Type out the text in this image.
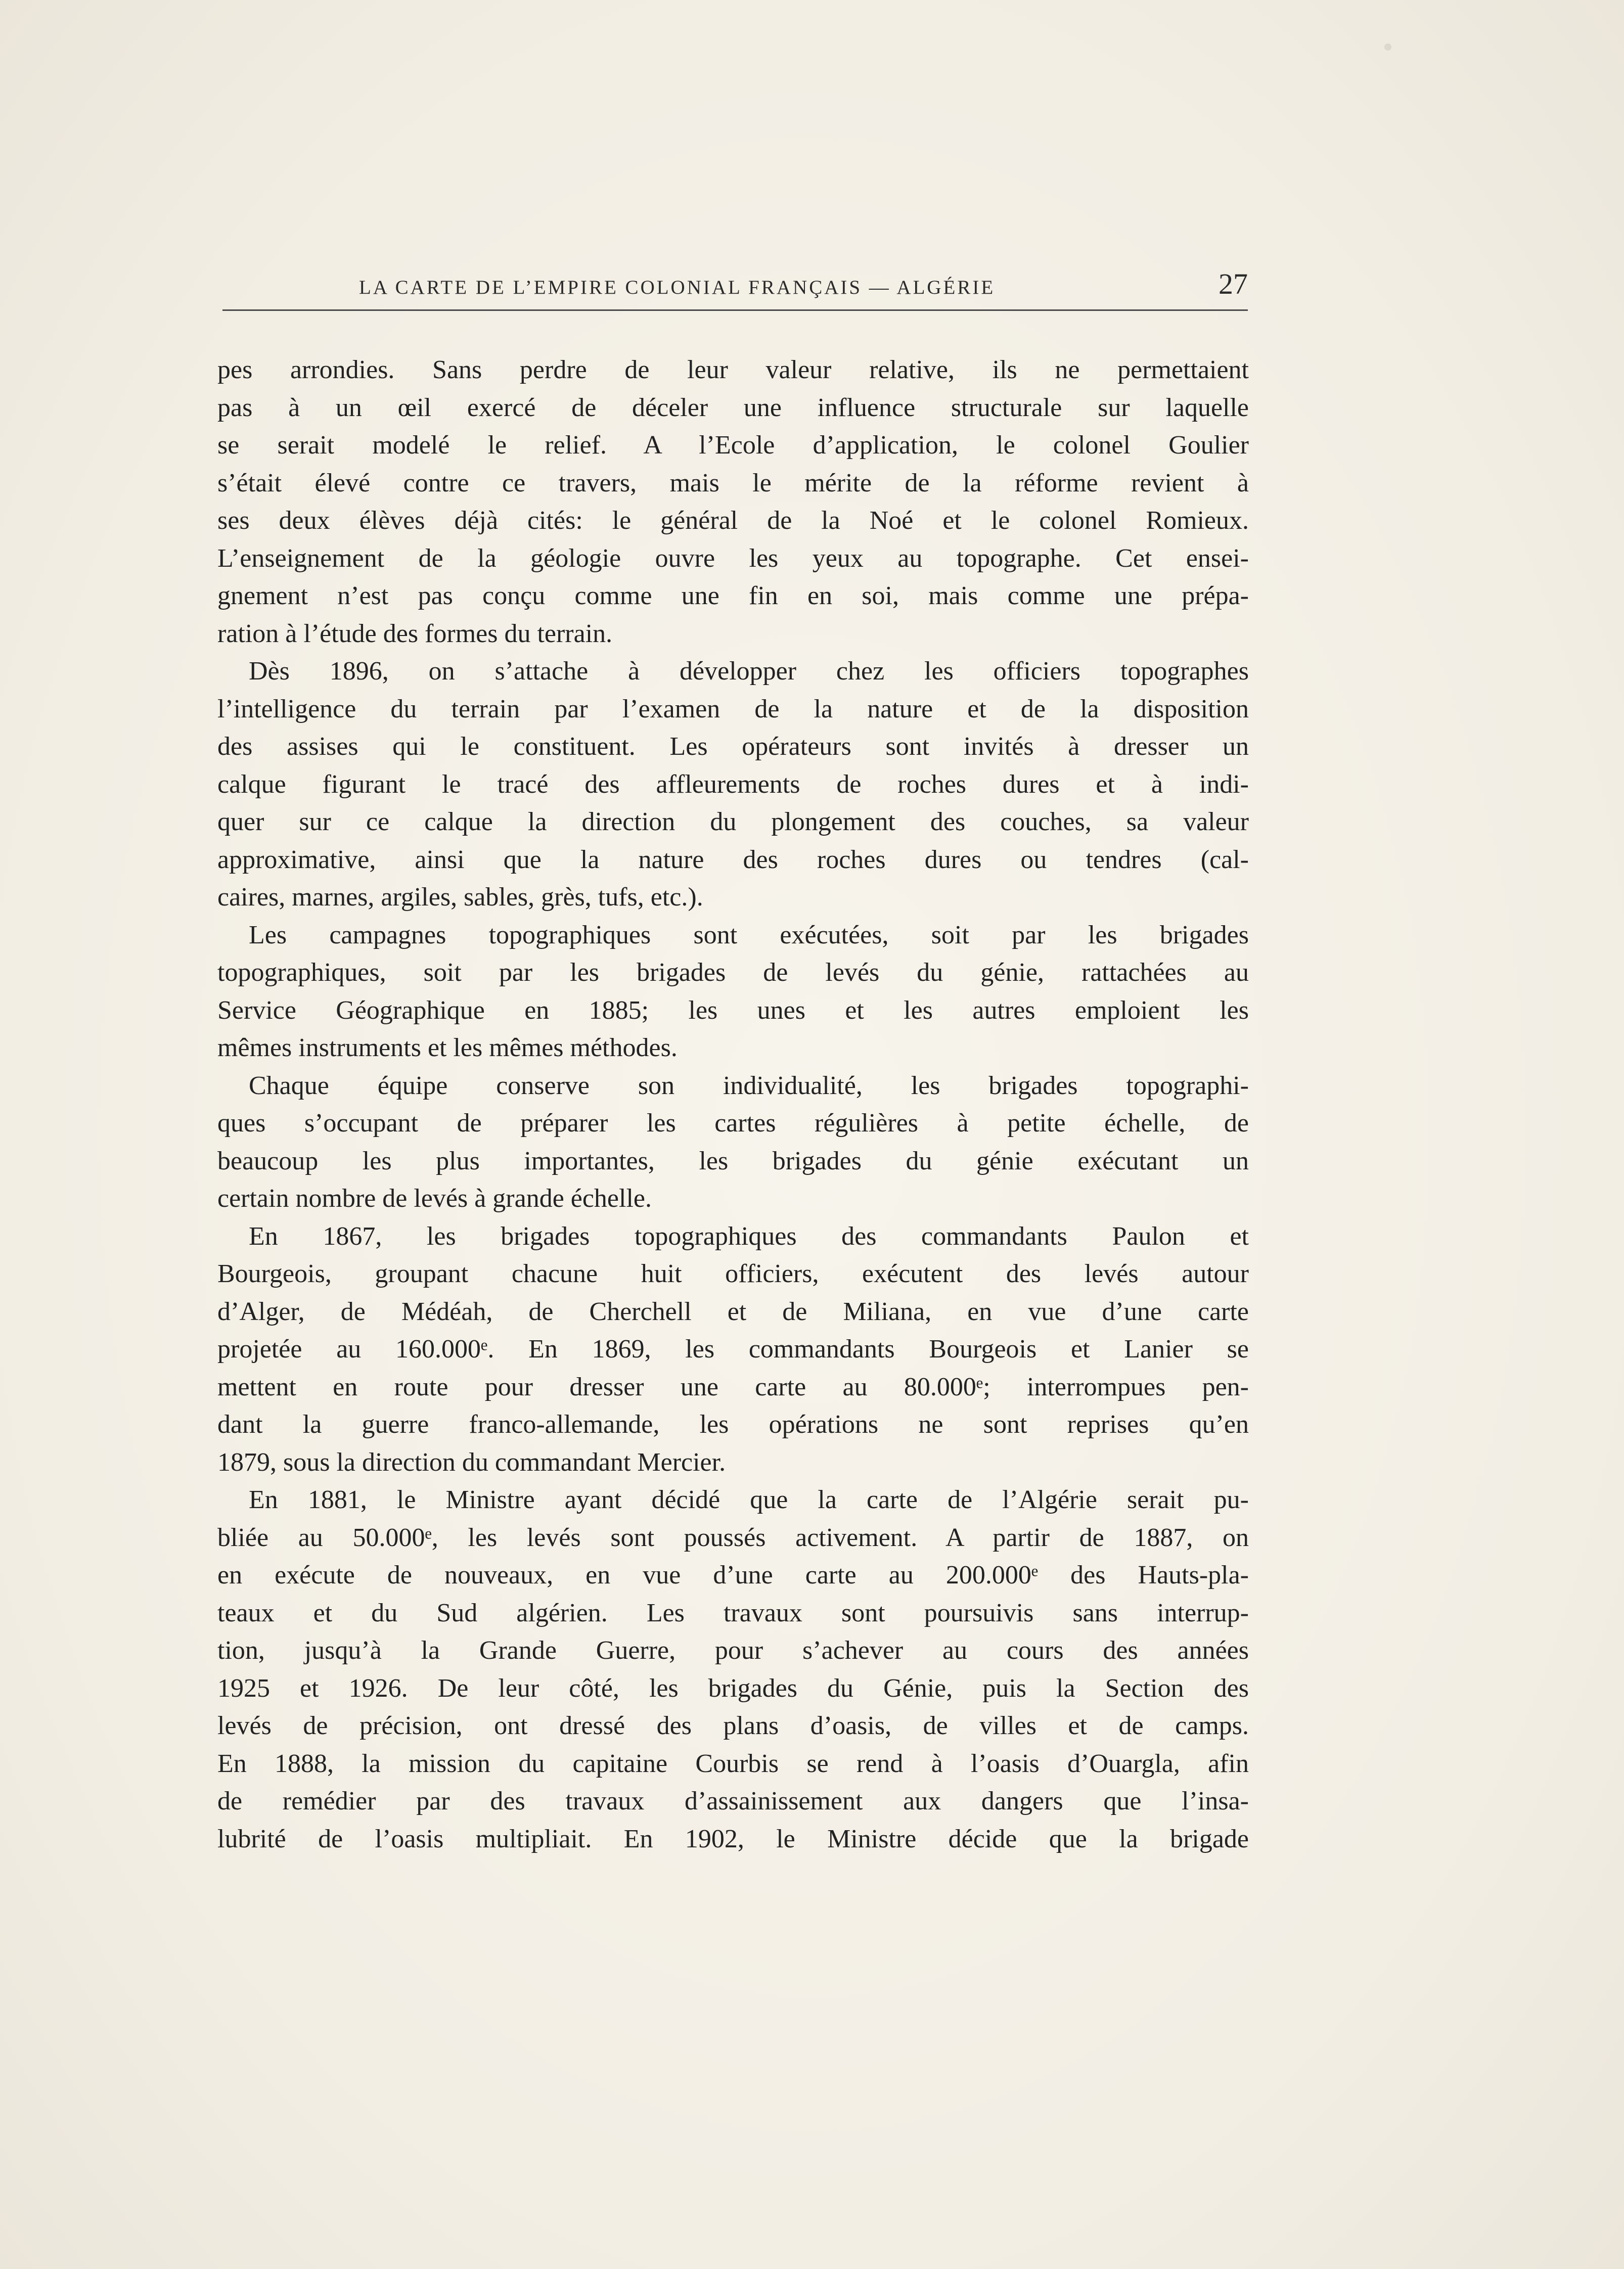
LA CARTE DE L’EMPIRE COLONIAL FRANÇAIS — ALGÉRIE	27
pes arrondies. Sans perdre de leur valeur relative, ils ne permettaient
pas à un œil exercé de déceler une influence structurale sur laquelle
se serait modelé le relief. A l’Ecole d’application, le colonel Goulier
s’était élevé contre ce travers, mais le mérite de la réforme revient à
ses deux élèves déjà cités: le général de la Noé et le colonel Romieux.
L’enseignement de la géologie ouvre les yeux au topographe. Cet ensei-
gnement n’est pas conçu comme une fin en soi, mais comme une prépa-
ration à l’étude des formes du terrain.
Dès 1896, on s’attache à développer chez les officiers topographes
l’intelligence du terrain par l’examen de la nature et de la disposition
des assises qui le constituent. Les opérateurs sont invités à dresser un
calque figurant le tracé des affleurements de roches dures et à indi-
quer sur ce calque la direction du plongement des couches, sa valeur
approximative, ainsi que la nature des roches dures ou tendres (cal-
caires, marnes, argiles, sables, grès, tufs, etc.).
Les campagnes topographiques sont exécutées, soit par les brigades
topographiques, soit par les brigades de levés du génie, rattachées au
Service Géographique en 1885; les unes et les autres emploient les
mêmes instruments et les mêmes méthodes.
Chaque équipe conserve son individualité, les brigades topographi-
ques s’occupant de préparer les cartes régulières à petite échelle, de
beaucoup les plus importantes, les brigades du génie exécutant un
certain nombre de levés à grande échelle.
En 1867, les brigades topographiques des commandants Paulon et
Bourgeois, groupant chacune huit officiers, exécutent des levés autour
d’Alger, de Médéah, de Cherchell et de Miliana, en vue d’une carte
projetée au 160.000ᵉ. En 1869, les commandants Bourgeois et Lanier se
mettent en route pour dresser une carte au 80.000ᵉ; interrompues pen-
dant la guerre franco-allemande, les opérations ne sont reprises qu’en
1879, sous la direction du commandant Mercier.
En 1881, le Ministre ayant décidé que la carte de l’Algérie serait pu-
bliée au 50.000ᵉ, les levés sont poussés activement. A partir de 1887, on
en exécute de nouveaux, en vue d’une carte au 200.000ᵉ des Hauts-pla-
teaux et du Sud algérien. Les travaux sont poursuivis sans interrup-
tion, jusqu’à la Grande Guerre, pour s’achever au cours des années
1925 et 1926. De leur côté, les brigades du Génie, puis la Section des
levés de précision, ont dressé des plans d’oasis, de villes et de camps.
En 1888, la mission du capitaine Courbis se rend à l’oasis d’Ouargla, afin
de remédier par des travaux d’assainissement aux dangers que l’insa-
lubrité de l’oasis multipliait. En 1902, le Ministre décide que la brigade
